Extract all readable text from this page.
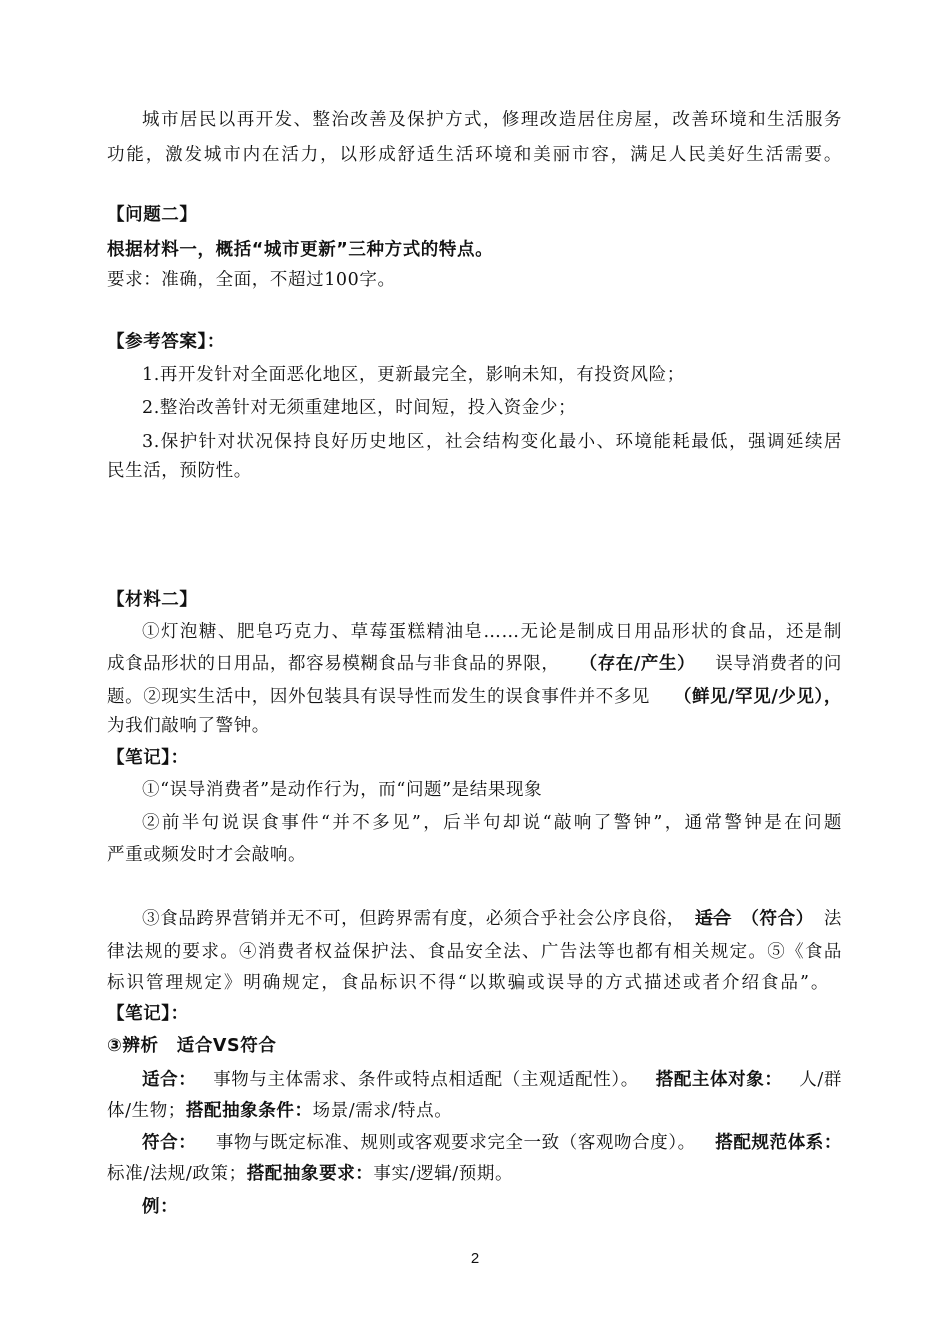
城市居民以再开发、整治改善及保护方式，修理改造居住房屋，改善环境和生活服务
功能，激发城市内在活力，以形成舒适生活环境和美丽市容，满足人民美好生活需要。
【问题二】
根据材料一，概括“城市更新”三种方式的特点。
要求：准确，全面，不超过100字。
【参考答案】：
1.再开发针对全面恶化地区，更新最完全，影响未知，有投资风险；
2.整治改善针对无须重建地区，时间短，投入资金少；
3.保护针对状况保持良好历史地区，社会结构变化最小、环境能耗最低，强调延续居
民生活，预防性。
【材料二】
①灯泡糖、肥皂巧克力、草莓蛋糕精油皂……无论是制成日用品形状的食品，还是制
成食品形状的日用品，都容易模糊食品与非食品的界限， （存在/产生） 误导消费者的问
题。②现实生活中，因外包装具有误导性而发生的误食事件并不多见 （鲜见/罕见/少见），
为我们敲响了警钟。
【笔记】：
①“误导消费者”是动作行为，而“问题”是结果现象
②前半句说误食事件“并不多见”，后半句却说“敲响了警钟”，通常警钟是在问题
严重或频发时才会敲响。
③食品跨界营销并无不可，但跨界需有度，必须合乎社会公序良俗， 适合 （符合） 法
律法规的要求。④消费者权益保护法、食品安全法、广告法等也都有相关规定。⑤《食品
标识管理规定》明确规定，食品标识不得“以欺骗或误导的方式描述或者介绍食品”。
【笔记】：
③辨析　适合VS符合
适合： 事物与主体需求、条件或特点相适配（主观适配性）。 搭配主体对象： 人/群
体/生物；搭配抽象条件：场景/需求/特点。
符合： 事物与既定标准、规则或客观要求完全一致（客观吻合度）。 搭配规范体系：
标准/法规/政策；搭配抽象要求：事实/逻辑/预期。
例：
2
